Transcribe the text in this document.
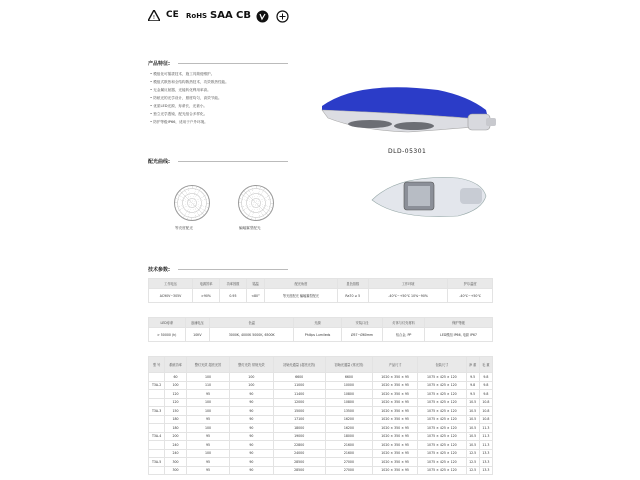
! CE RoHS SAA CB
产品特征:
• 模组化可插拔技术，施工具简便维护。
• 模组式散热和全结构散热技术，功效散热性能。
• 无金属反射器，光能转化利用率高。
• 防眩光的光学设计，照度均匀，高效节能。
• 优质LED光源，寿命长，光衰小。
• 独立光学透镜，配光组合多样化。
• 防护等级IP66，适用于户外环境。
DLD-05301
配光曲线:
等壳度配光	蝙蝠翼型配光
技术参数:
工作电压	电源效率	功率因数	铭温	配光角度	显色指数	工作环境	护尔温度
AC90V~305V	>90%	0.95	<80°	等光度配光 蝙蝠翼型配光	Ra70 ≥ 5	-40℃~+50℃ 10%~90%	-40℃~+50℃
LED寿命	浪涌电压	色温	光源	安装口径	灯体与灯壳材料	保护等级
> 50000 (h)	10KV	3000K, 4000K 5000K, 6500K	Philips Lumileds	Ø57~Ø60mm	铝合金, PP	LED模组 IP66, 电源 IP67
型 号	系统功率	整灯光效 超亮光效	整灯光效 常规光效	初始光通量 (超亮光效)	初始光通量 (常光效)	产品尺寸	包装尺寸	净 重	毛 重
	60	100	100	6600	6600	1020 × 350 × 95	1075 × 425 × 120	9.5	9.8
T3A-2	100	110	100	11000	10000	1020 × 350 × 95	1075 × 425 × 120	9.8	9.8
	120	95	90	11400	10800	1020 × 350 × 95	1075 × 425 × 120	9.5	9.8
	120	100	90	12000	10800	1020 × 350 × 95	1075 × 425 × 120	10.5	10.8
T3A-3	150	100	90	15000	13500	1020 × 350 × 95	1075 × 425 × 120	10.5	10.8
	180	95	90	17100	16200	1020 × 350 × 95	1075 × 425 × 120	10.5	10.8
	180	100	90	18000	16200	1020 × 350 × 95	1075 × 425 × 120	10.5	11.3
T3A-4	200	95	90	19000	18000	1020 × 350 × 95	1075 × 425 × 120	10.5	11.3
	240	95	90	22800	21600	1020 × 350 × 95	1075 × 425 × 120	10.5	11.3
	240	100	90	24000	21600	1020 × 350 × 95	1075 × 425 × 120	12.5	13.3
T3A-5	300	95	90	28500	27000	1020 × 350 × 95	1075 × 425 × 120	12.5	13.3
	300	95	90	28500	27000	1020 × 350 × 95	1075 × 425 × 120	12.5	13.3
